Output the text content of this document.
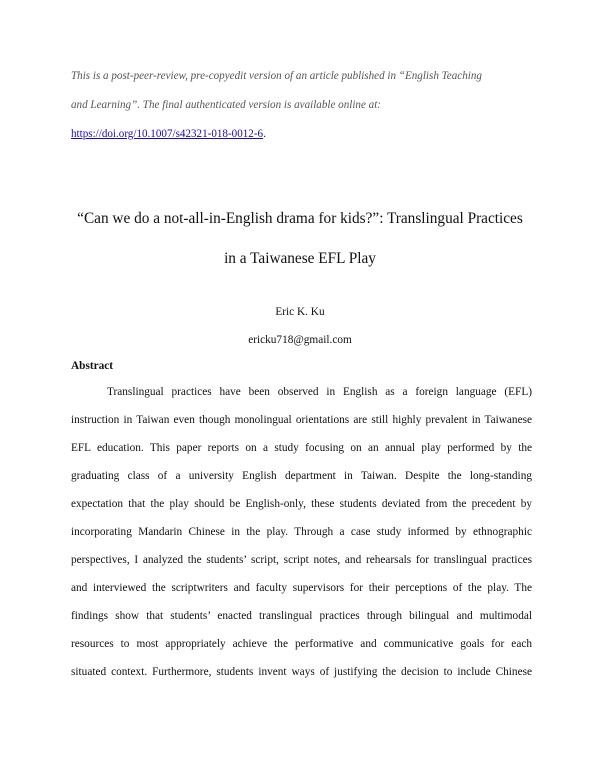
This is a post-peer-review, pre-copyedit version of an article published in “English Teaching
and Learning”. The final authenticated version is available online at:
https://doi.org/10.1007/s42321-018-0012-6.
“Can we do a not-all-in-English drama for kids?”: Translingual Practices
in a Taiwanese EFL Play
Eric K. Ku
ericku718@gmail.com
Abstract
Translingual practices have been observed in English as a foreign language (EFL)
instruction in Taiwan even though monolingual orientations are still highly prevalent in Taiwanese
EFL education. This paper reports on a study focusing on an annual play performed by the
graduating class of a university English department in Taiwan. Despite the long-standing
expectation that the play should be English-only, these students deviated from the precedent by
incorporating Mandarin Chinese in the play. Through a case study informed by ethnographic
perspectives, I analyzed the students’ script, script notes, and rehearsals for translingual practices
and interviewed the scriptwriters and faculty supervisors for their perceptions of the play. The
findings show that students’ enacted translingual practices through bilingual and multimodal
resources to most appropriately achieve the performative and communicative goals for each
situated context. Furthermore, students invent ways of justifying the decision to include Chinese
